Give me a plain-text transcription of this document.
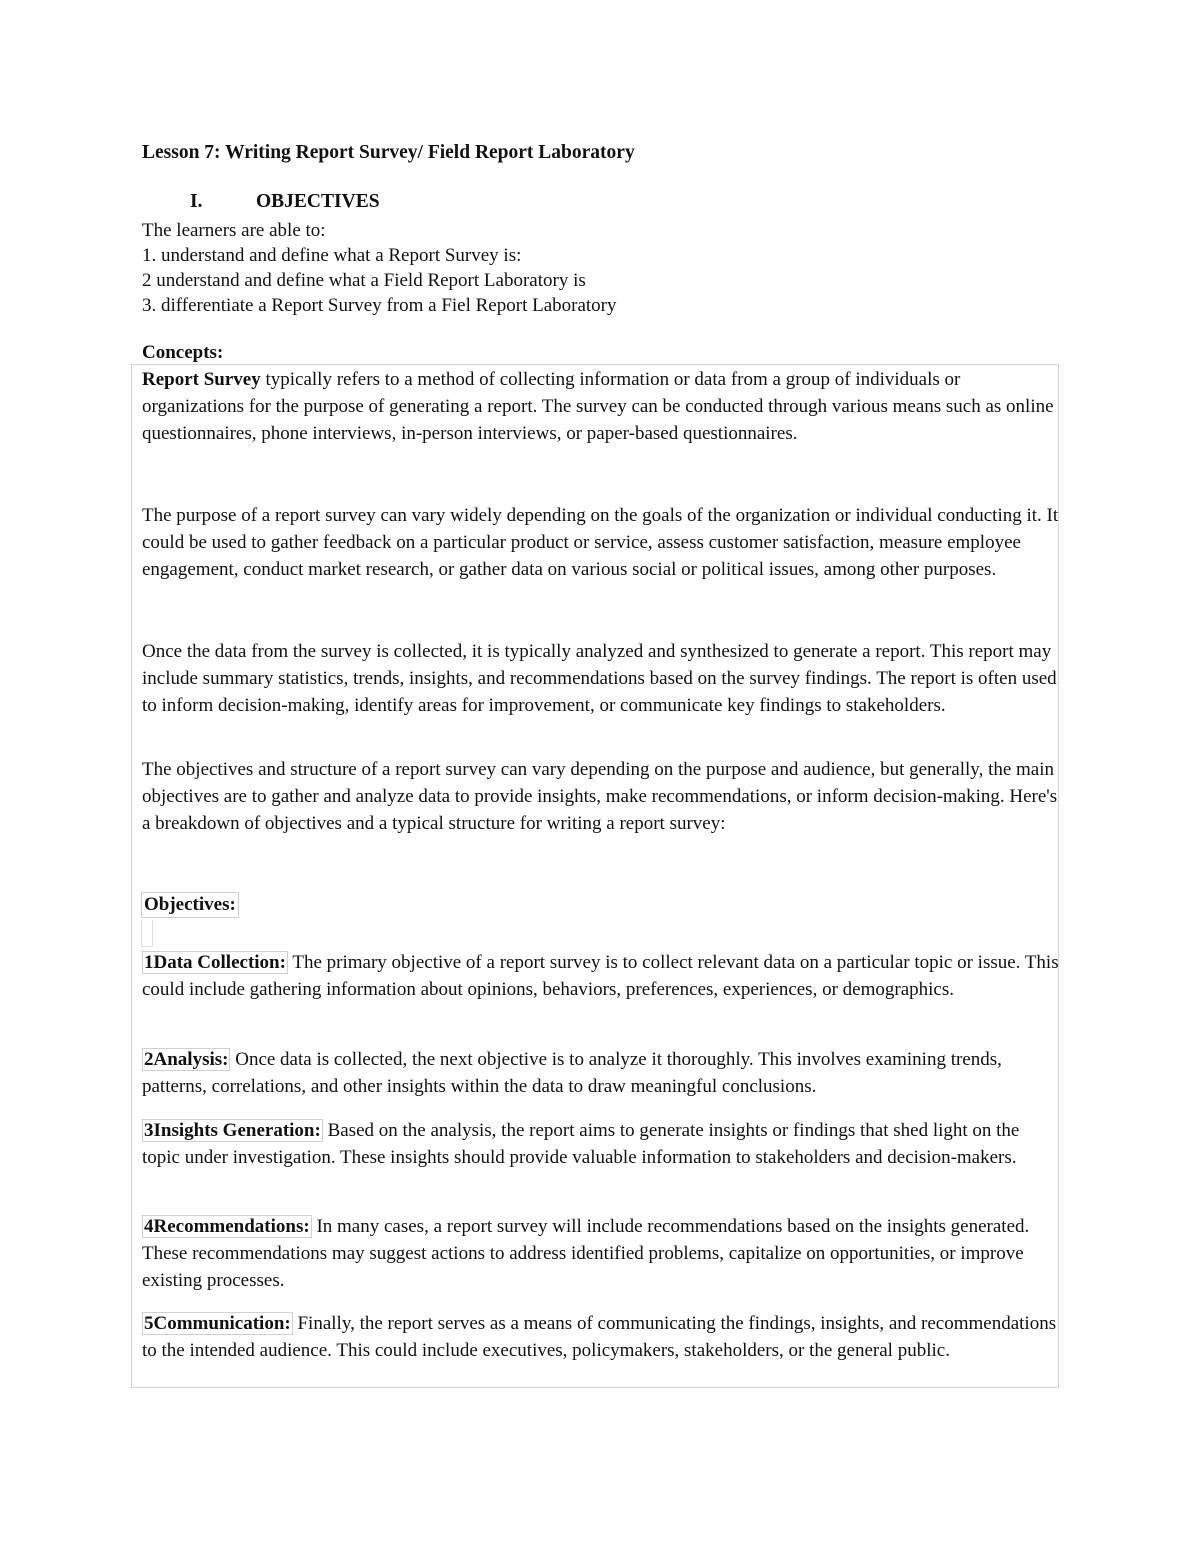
Lesson 7: Writing Report Survey/ Field Report Laboratory
I.	OBJECTIVES
The learners are able to:
1. understand and define what a Report Survey is:
2 understand and define what a Field Report Laboratory is
3. differentiate a Report Survey from a Fiel Report Laboratory

Concepts:

Report Survey typically refers to a method of collecting information or data from a group of individuals or organizations for the purpose of generating a report. The survey can be conducted through various means such as online questionnaires, phone interviews, in-person interviews, or paper-based questionnaires.

The purpose of a report survey can vary widely depending on the goals of the organization or individual conducting it. It could be used to gather feedback on a particular product or service, assess customer satisfaction, measure employee engagement, conduct market research, or gather data on various social or political issues, among other purposes.

Once the data from the survey is collected, it is typically analyzed and synthesized to generate a report. This report may include summary statistics, trends, insights, and recommendations based on the survey findings. The report is often used to inform decision-making, identify areas for improvement, or communicate key findings to stakeholders.

The objectives and structure of a report survey can vary depending on the purpose and audience, but generally, the main objectives are to gather and analyze data to provide insights, make recommendations, or inform decision-making. Here's a breakdown of objectives and a typical structure for writing a report survey:

Objectives:

1Data Collection: The primary objective of a report survey is to collect relevant data on a particular topic or issue. This could include gathering information about opinions, behaviors, preferences, experiences, or demographics.

2Analysis: Once data is collected, the next objective is to analyze it thoroughly. This involves examining trends, patterns, correlations, and other insights within the data to draw meaningful conclusions.

3Insights Generation: Based on the analysis, the report aims to generate insights or findings that shed light on the topic under investigation. These insights should provide valuable information to stakeholders and decision-makers.

4Recommendations: In many cases, a report survey will include recommendations based on the insights generated. These recommendations may suggest actions to address identified problems, capitalize on opportunities, or improve existing processes.

5Communication: Finally, the report serves as a means of communicating the findings, insights, and recommendations to the intended audience. This could include executives, policymakers, stakeholders, or the general public.
